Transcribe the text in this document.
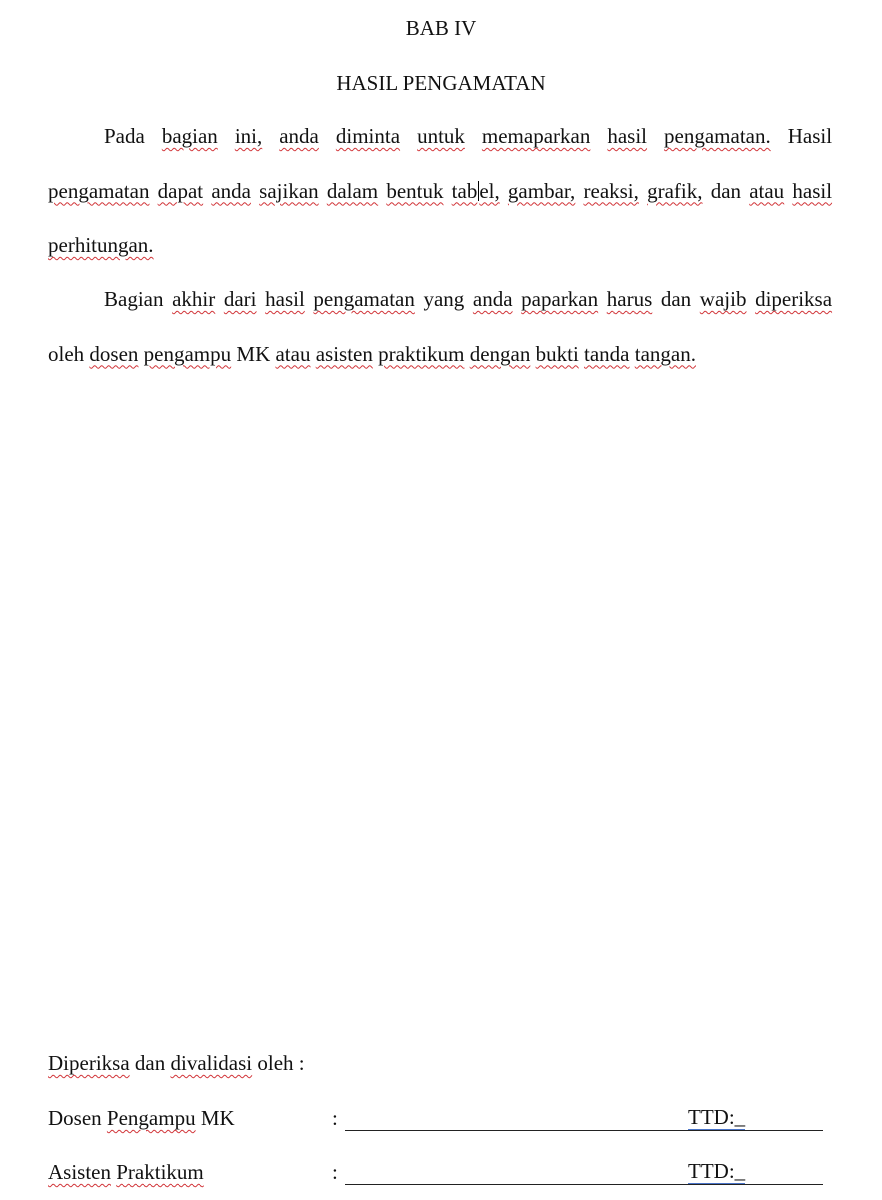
BAB IV
HASIL PENGAMATAN

Pada bagian ini, anda diminta untuk memaparkan hasil pengamatan. Hasil pengamatan dapat anda sajikan dalam bentuk tabel, gambar, reaksi, grafik, dan atau hasil perhitungan.

Bagian akhir dari hasil pengamatan yang anda paparkan harus dan wajib diperiksa oleh dosen pengampu MK atau asisten praktikum dengan bukti tanda tangan.

Diperiksa dan divalidasi oleh :
Dosen Pengampu MK	:	TTD:_
Asisten Praktikum	:	TTD:_
